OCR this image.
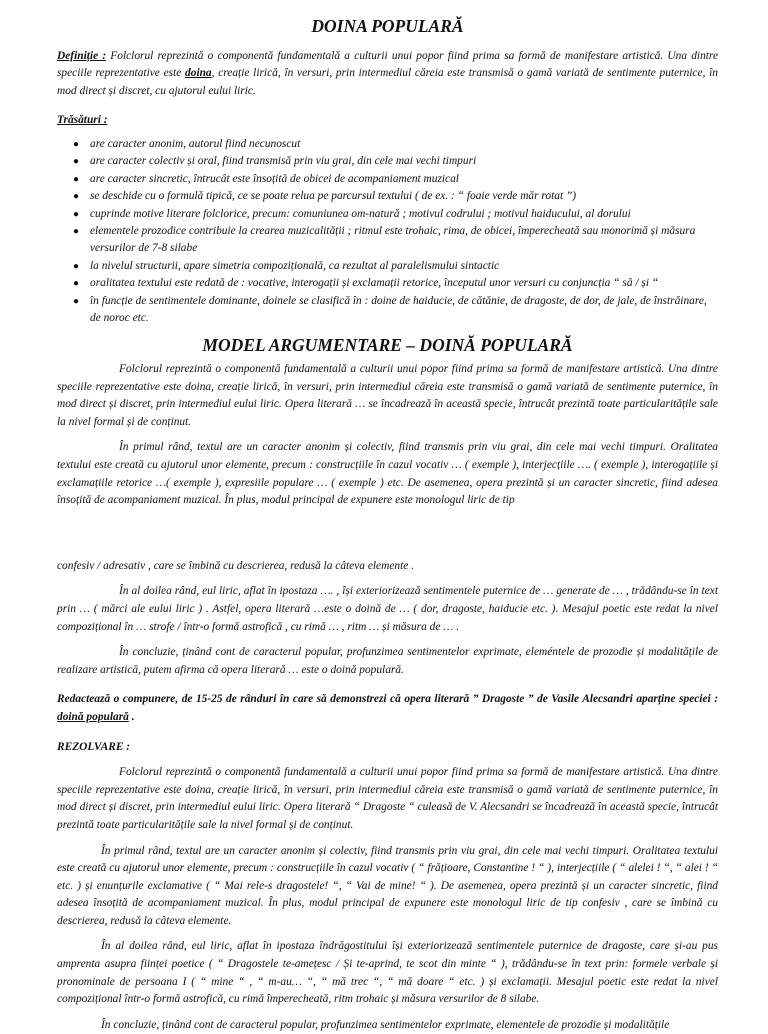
DOINA POPULARĂ

Definiție : Folclorul reprezintă o componentă fundamentală a culturii unui popor fiind prima sa formă de manifestare artistică. Una dintre speciile reprezentative este doina, creație lirică, în versuri, prin intermediul căreia este transmisă o gamă variată de sentimente puternice, în mod direct și discret, cu ajutorul eului liric.

Trăsături :

● are caracter anonim, autorul fiind necunoscut
● are caracter colectiv și oral, fiind transmisă prin viu grai, din cele mai vechi timpuri
● are caracter sincretic, întrucât este însoțită de obicei de acompaniament muzical
● se deschide cu o formulă tipică, ce se poate relua pe parcursul textului ( de ex. : “ foaie verde măr rotat ”)
● cuprinde motive literare folclorice, precum: comuniunea om-natură ; motivul codrului ; motivul haiducului, al dorului
● elementele prozodice contribuie la crearea muzicalității ; ritmul este trohaic, rima, de obicei, împerecheată sau monorimă și măsura versurilor de 7-8 silabe
● la nivelul structurii, apare simetria compozițională, ca rezultat al paralelismului sintactic
● oralitatea textului este redată de : vocative, interogații și exclamații retorice, începutul unor versuri cu conjuncția “ să / și “
● în funcție de sentimentele dominante, doinele se clasifică în : doine de haiducie, de cătănie, de dragoste, de dor, de jale, de înstrăinare, de noroc etc.
MODEL ARGUMENTARE – DOINĂ POPULARĂ

Folclorul reprezintă o componentă fundamentală a culturii unui popor fiind prima sa formă de manifestare artistică. Una dintre speciile reprezentative este doina, creație lirică, în versuri, prin intermediul căreia este transmisă o gamă variată de sentimente puternice, în mod direct și discret, prin intermediul eului liric. Opera literară … se încadrează în această specie, întrucât prezintă toate particularitățile sale la nivel formal și de conținut.

În primul rând, textul are un caracter anonim și colectiv, fiind transmis prin viu grai, din cele mai vechi timpuri. Oralitatea textului este creată cu ajutorul unor elemente, precum : construcțiile în cazul vocativ … ( exemple ), interjecțiile …. ( exemple ), interogațiile și exclamațiile retorice …( exemple ), expresiile populare … ( exemple ) etc. De asemenea, opera prezintă și un caracter sincretic, fiind adesea însoțită de acompaniament muzical. În plus, modul principal de expunere este monologul liric de tip

confesiv / adresativ , care se îmbină cu descrierea, redusă la câteva elemente .

În al doilea rând, eul liric, aflat în ipostaza …. , își exteriorizează sentimentele puternice de … generate de … , trădându-se în text prin … ( mărci ale eului liric ) . Astfel, opera literară …este o doină de … ( dor, dragoste, haiducie etc. ). Mesajul poetic este redat la nivel compozițional în … strofe / într-o formă astrofică , cu rimă … , ritm … și măsura de … .

În concluzie, ținând cont de caracterul popular, profunzimea sentimentelor exprimate, eleméntele de prozodie și modalitățile de realizare artistică, putem afirma că opera literară … este o doină populară.

Redactează o compunere, de 15-25 de rânduri în care să demonstrezi că opera literară ” Dragoste ” de Vasile Alecsandri aparține speciei : doină populară .

REZOLVARE :

Folclorul reprezintă o componentă fundamentală a culturii unui popor fiind prima sa formă de manifestare artistică. Una dintre speciile reprezentative este doina, creație lirică, în versuri, prin intermediul căreia este transmisă o gamă variată de sentimente puternice, în mod direct și discret, prin intermediul eului liric. Opera literară “ Dragoste “ culeasă de V. Alecsandri se încadrează în această specie, întrucât prezintă toate particularitățile sale la nivel formal și de conținut.

În primul rând, textul are un caracter anonim și colectiv, fiind transmis prin viu grai, din cele mai vechi timpuri. Oralitatea textului este creată cu ajutorul unor elemente, precum : construcțiile în cazul vocativ ( “ frățioare, Constantine ! “ ), interjecțiile ( “ alelei ! “, “ alei ! “ etc. ) și enunțurile exclamative ( “ Mai rele-s dragostele! “, “ Vai de mine! “ ). De asemenea, opera prezintă și un caracter sincretic, fiind adesea însoțită de acompaniament muzical. În plus, modul principal de expunere este monologul liric de tip confesiv , care se îmbină cu descrierea, redusă la câteva elemente.

În al doilea rând, eul liric, aflat în ipostaza îndrăgostitului își exteriorizează sentimentele puternice de dragoste, care și-au pus amprenta asupra ființei poetice ( “ Dragostele te-amețesc / Și te-aprind, te scot din minte “ ), trădându-se în text prin: formele verbale și pronominale de persoana I ( “ mine “ , “ m-au… “, “ mă trec “, “ mă doare “ etc. ) și exclamații. Mesajul poetic este redat la nivel compozițional într-o formă astrofică, cu rimă împerecheată, ritm trohaic și măsura versurilor de 8 silabe.

În concluzie, ținând cont de caracterul popular, profunzimea sentimentelor exprimate, elementele de prozodie și modalitățile
